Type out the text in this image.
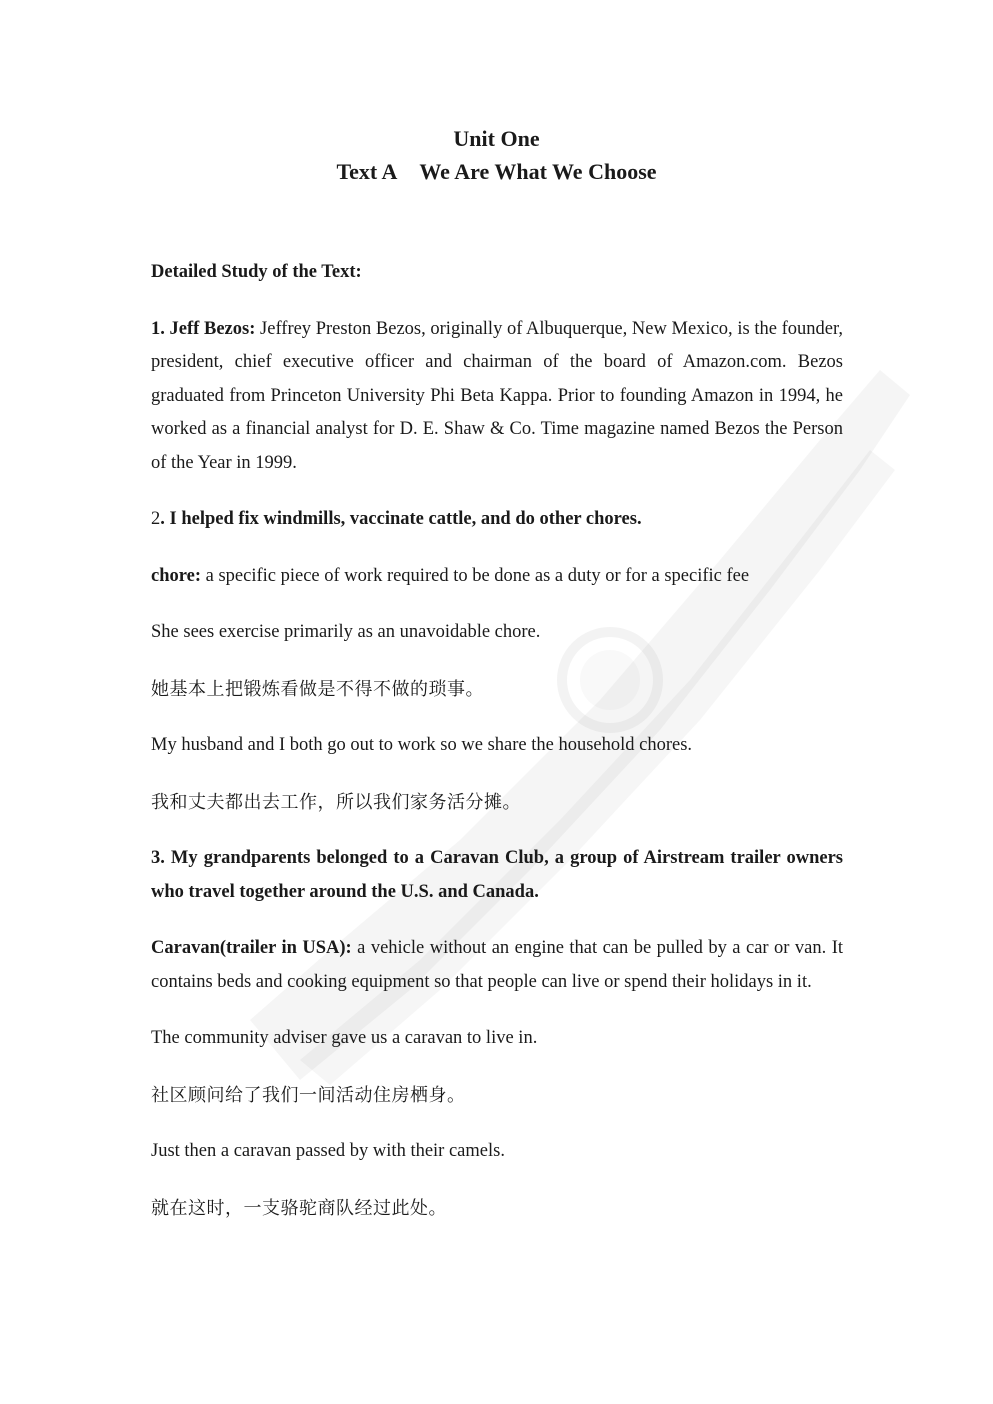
Unit One
Text A We Are What We Choose

Detailed Study of the Text:

1. Jeff Bezos: Jeffrey Preston Bezos, originally of Albuquerque, New Mexico, is the founder, president, chief executive officer and chairman of the board of Amazon.com. Bezos graduated from Princeton University Phi Beta Kappa. Prior to founding Amazon in 1994, he worked as a financial analyst for D. E. Shaw & Co. Time magazine named Bezos the Person of the Year in 1999.

2. I helped fix windmills, vaccinate cattle, and do other chores.

chore: a specific piece of work required to be done as a duty or for a specific fee

She sees exercise primarily as an unavoidable chore.

她基本上把锻炼看做是不得不做的琐事。

My husband and I both go out to work so we share the household chores.

我和丈夫都出去工作，所以我们家务活分摊。

3. My grandparents belonged to a Caravan Club, a group of Airstream trailer owners who travel together around the U.S. and Canada.

Caravan(trailer in USA): a vehicle without an engine that can be pulled by a car or van. It contains beds and cooking equipment so that people can live or spend their holidays in it.

The community adviser gave us a caravan to live in.

社区顾问给了我们一间活动住房栖身。

Just then a caravan passed by with their camels.

就在这时，一支骆驼商队经过此处。
